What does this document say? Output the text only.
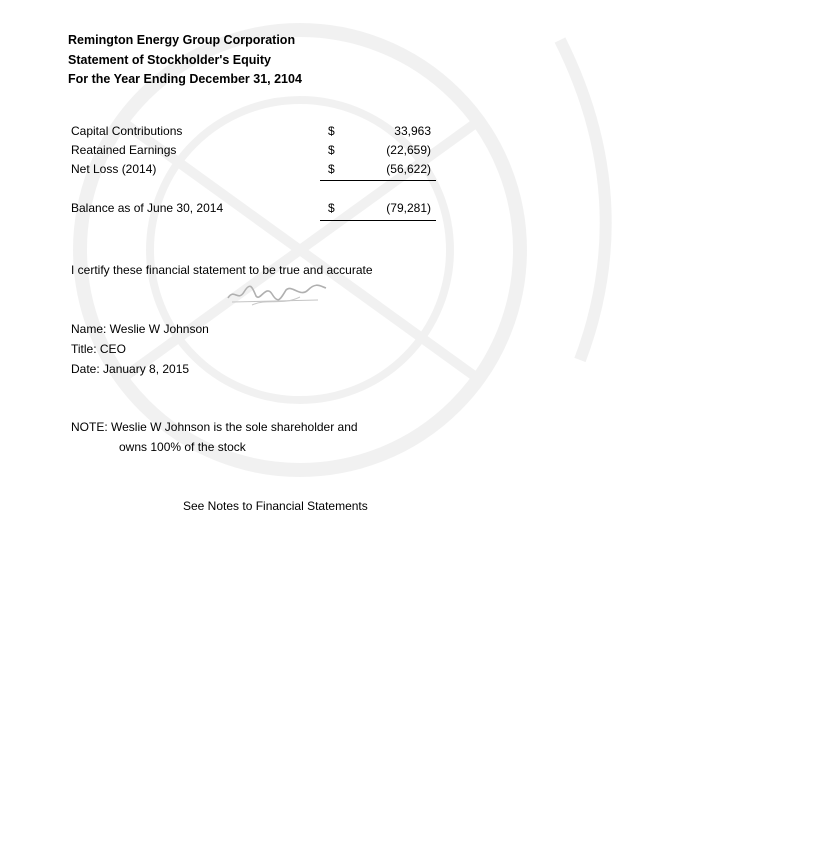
Remington Energy Group Corporation
Statement of Stockholder's Equity
For the Year Ending December 31, 2104
Capital Contributions	$	33,963
Reatained Earnings	$	(22,659)
Net Loss (2014)	$	(56,622)
Balance as of June 30, 2014	$	(79,281)
I certify these financial statement to be true and accurate
Name: Weslie W Johnson
Title: CEO
Date: January 8, 2015
NOTE: Weslie W Johnson is the sole shareholder and
owns 100% of the stock
See Notes to Financial Statements
